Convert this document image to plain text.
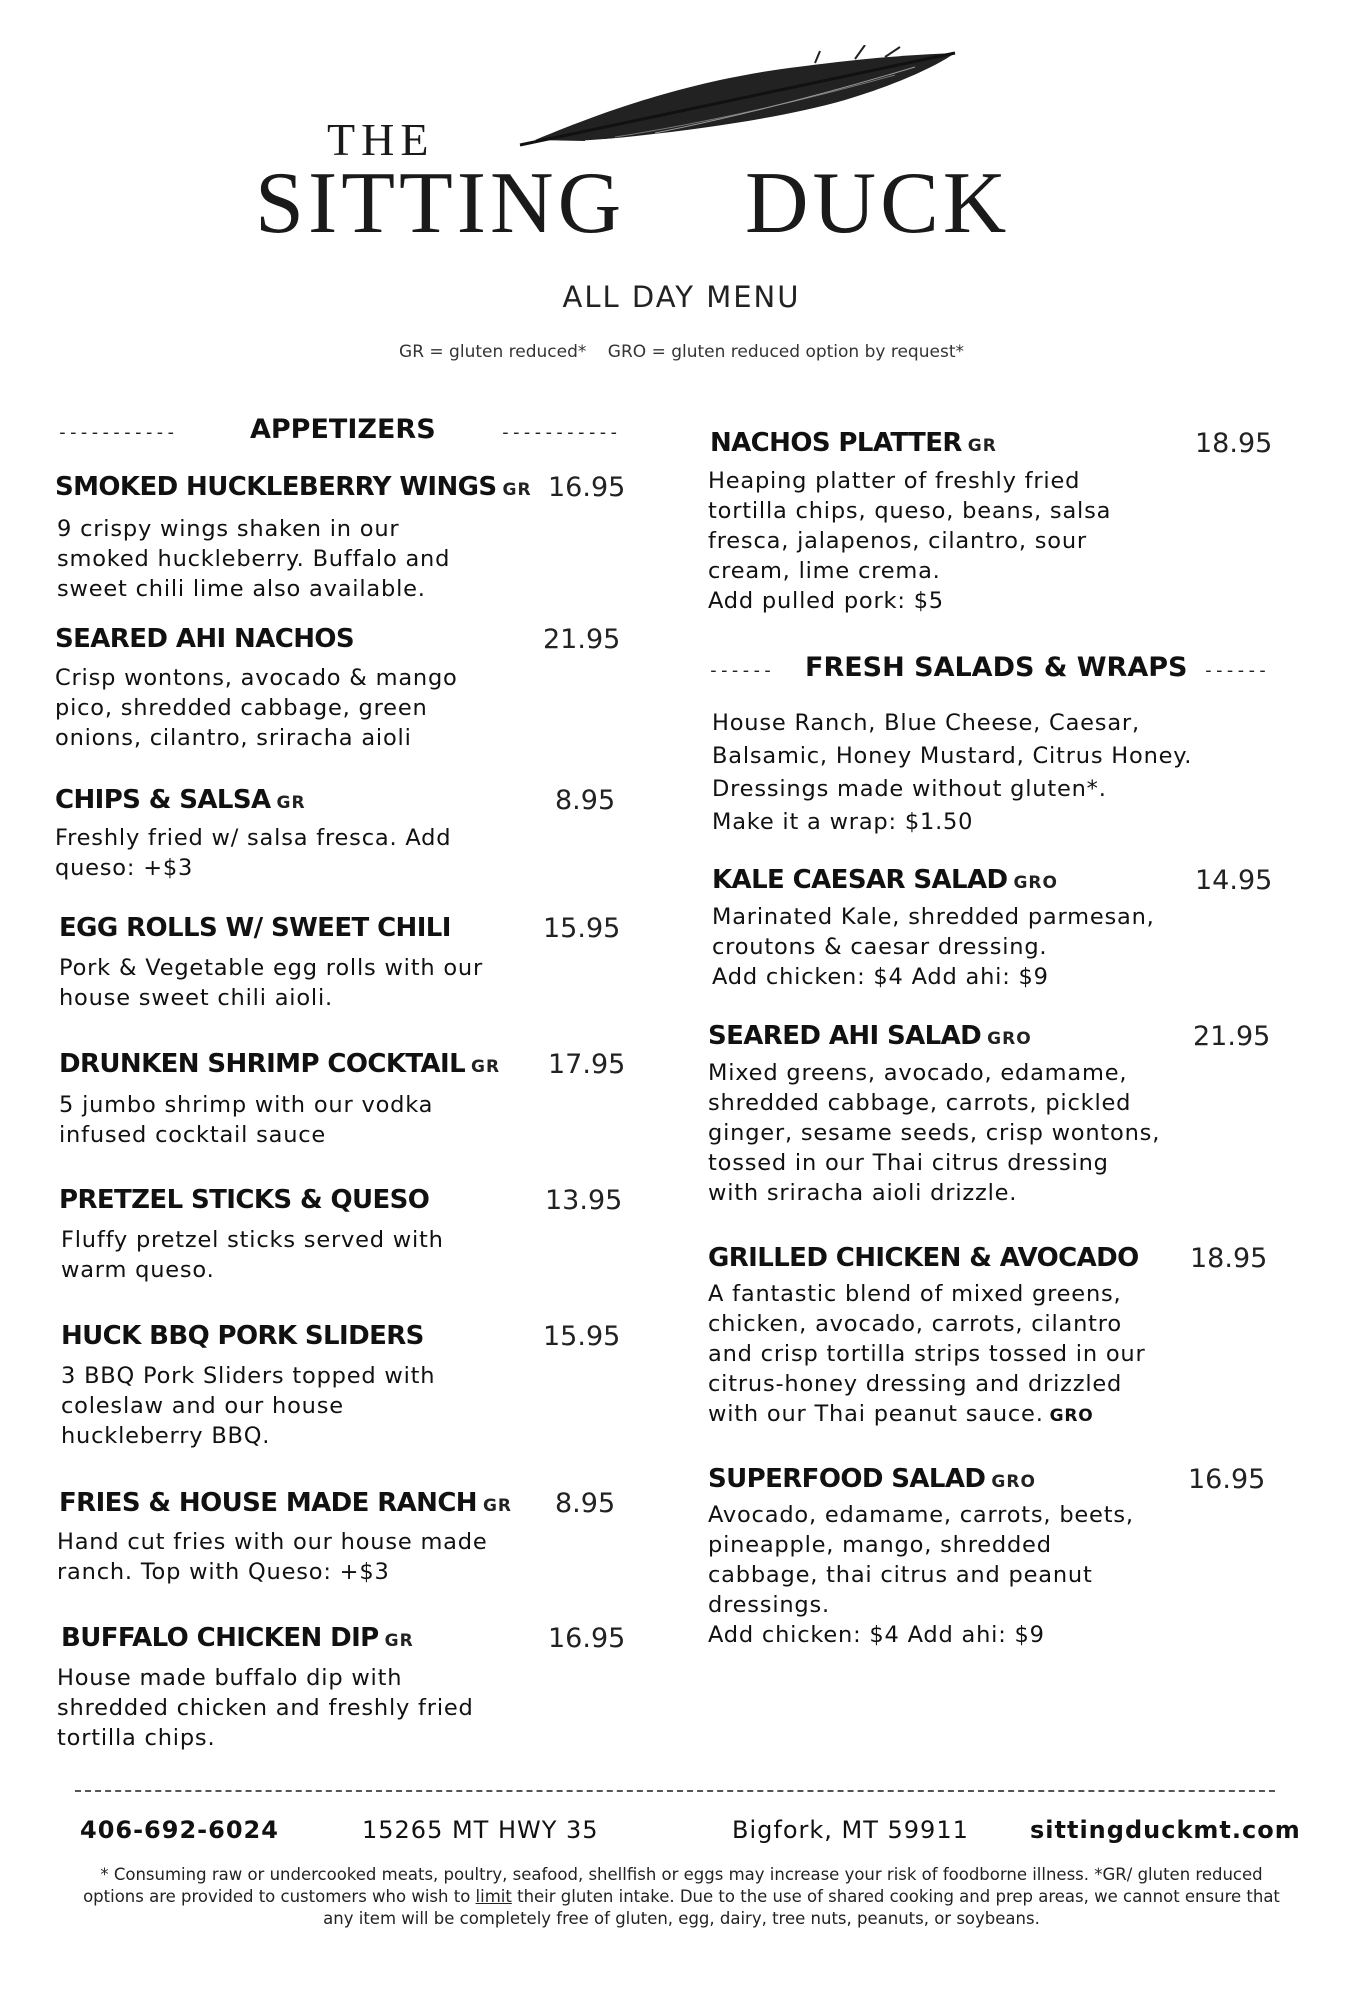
THE
SITTING DUCK
ALL DAY MENU
GR = gluten reduced* GRO = gluten reduced option by request*
-----------	APPETIZERS	-----------
SMOKED HUCKLEBERRY WINGS GR 16.95
9 crispy wings shaken in our
smoked huckleberry. Buffalo and
sweet chili lime also available.
SEARED AHI NACHOS	21.95
Crisp wontons, avocado & mango
pico, shredded cabbage, green
onions, cilantro, sriracha aioli
CHIPS & SALSA GR	8.95
Freshly fried w/ salsa fresca. Add
queso: +$3
EGG ROLLS W/ SWEET CHILI	15.95
Pork & Vegetable egg rolls with our
house sweet chili aioli.
DRUNKEN SHRIMP COCKTAIL GR 17.95
5 jumbo shrimp with our vodka
infused cocktail sauce
PRETZEL STICKS & QUESO	13.95
Fluffy pretzel sticks served with
warm queso.
HUCK BBQ PORK SLIDERS	15.95
3 BBQ Pork Sliders topped with
coleslaw and our house
huckleberry BBQ.
FRIES & HOUSE MADE RANCH GR 8.95
Hand cut fries with our house made
ranch. Top with Queso: +$3
BUFFALO CHICKEN DIP GR	16.95
House made buffalo dip with
shredded chicken and freshly fried
tortilla chips.
NACHOS PLATTER GR	18.95
Heaping platter of freshly fried
tortilla chips, queso, beans, salsa
fresca, jalapenos, cilantro, sour
cream, lime crema.
Add pulled pork: $5
------ FRESH SALADS & WRAPS ------
House Ranch, Blue Cheese, Caesar,
Balsamic, Honey Mustard, Citrus Honey.
Dressings made without gluten*.
Make it a wrap: $1.50
KALE CAESAR SALAD GRO	14.95
Marinated Kale, shredded parmesan,
croutons & caesar dressing.
Add chicken: $4 Add ahi: $9
SEARED AHI SALAD GRO	21.95
Mixed greens, avocado, edamame,
shredded cabbage, carrots, pickled
ginger, sesame seeds, crisp wontons,
tossed in our Thai citrus dressing
with sriracha aioli drizzle.
GRILLED CHICKEN & AVOCADO 18.95
A fantastic blend of mixed greens,
chicken, avocado, carrots, cilantro
and crisp tortilla strips tossed in our
citrus-honey dressing and drizzled
with our Thai peanut sauce. GRO
SUPERFOOD SALAD GRO	16.95
Avocado, edamame, carrots, beets,
pineapple, mango, shredded
cabbage, thai citrus and peanut
dressings.
Add chicken: $4 Add ahi: $9
406-692-6024	15265 MT HWY 35	Bigfork, MT 59911	sittingduckmt.com
* Consuming raw or undercooked meats, poultry, seafood, shellfish or eggs may increase your risk of foodborne illness. *GR/ gluten reduced options are provided to customers who wish to limit their gluten intake. Due to the use of shared cooking and prep areas, we cannot ensure that any item will be completely free of gluten, egg, dairy, tree nuts, peanuts, or soybeans.
